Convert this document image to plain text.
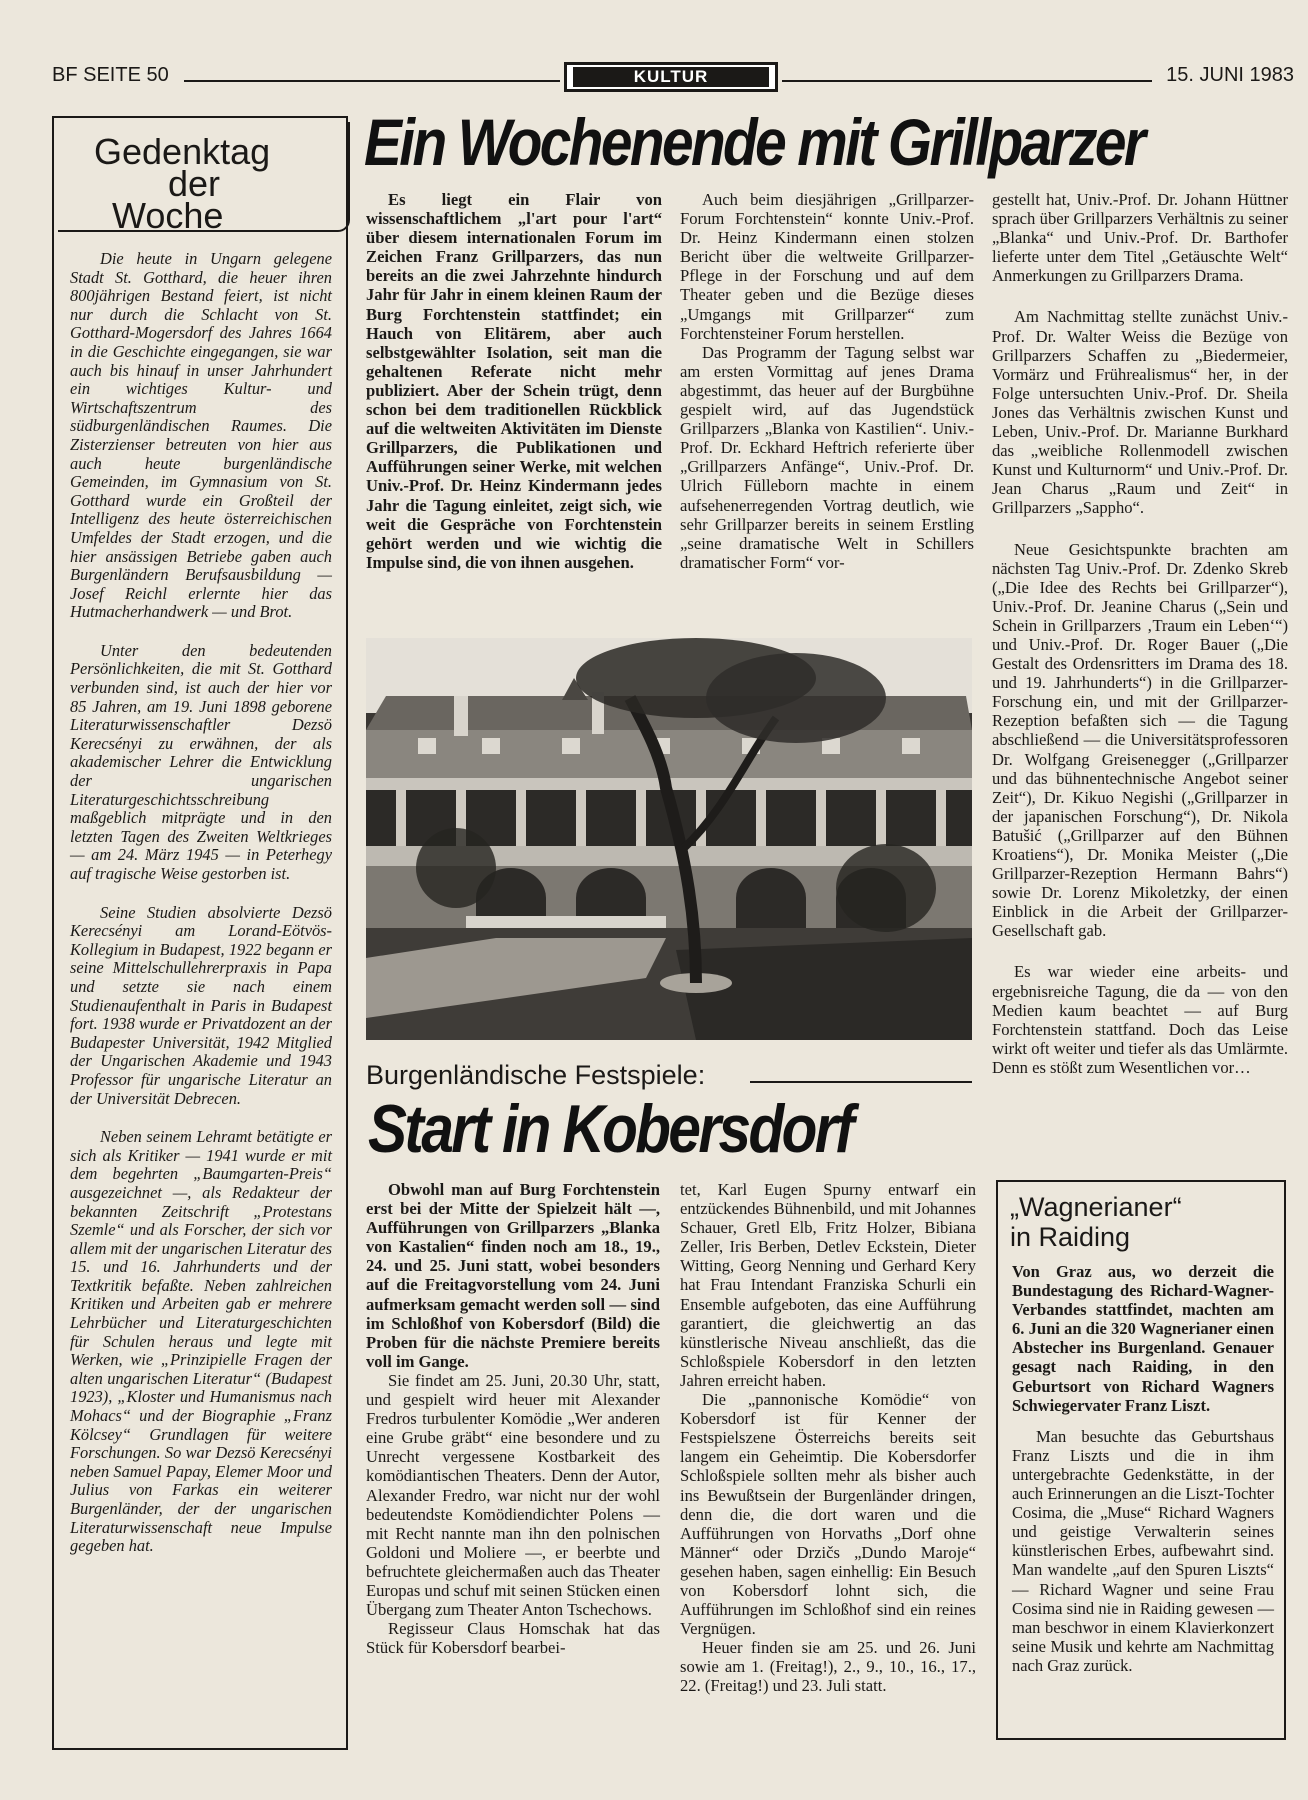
BF SEITE 50	KULTUR	15. JUNI 1983
Gedenktag
der
Woche

Die heute in Ungarn gelegene Stadt St. Gotthard, die heuer ihren 800jährigen Bestand feiert, ist nicht nur durch die Schlacht von St. Gotthard-Mogersdorf des Jahres 1664 in die Geschichte eingegangen, sie war auch bis hinauf in unser Jahrhundert ein wichtiges Kultur- und Wirtschaftszentrum des südburgenländischen Raumes. Die Zisterzienser betreuten von hier aus auch heute burgenländische Gemeinden, im Gymnasium von St. Gotthard wurde ein Großteil der Intelligenz des heute österreichischen Umfeldes der Stadt erzogen, und die hier ansässigen Betriebe gaben auch Burgenländern Berufsausbildung — Josef Reichl erlernte hier das Hutmacherhandwerk — und Brot.

Unter den bedeutenden Persönlichkeiten, die mit St. Gotthard verbunden sind, ist auch der hier vor 85 Jahren, am 19. Juni 1898 geborene Literaturwissenschaftler Dezsö Kerecsényi zu erwähnen, der als akademischer Lehrer die Entwicklung der ungarischen Literaturgeschichtsschreibung maßgeblich mitprägte und in den letzten Tagen des Zweiten Weltkrieges — am 24. März 1945 — in Peterhegy auf tragische Weise gestorben ist.

Seine Studien absolvierte Dezsö Kerecsényi am Lorand-Eötvös-Kollegium in Budapest, 1922 begann er seine Mittelschullehrerpraxis in Papa und setzte sie nach einem Studienaufenthalt in Paris in Budapest fort. 1938 wurde er Privatdozent an der Budapester Universität, 1942 Mitglied der Ungarischen Akademie und 1943 Professor für ungarische Literatur an der Universität Debrecen.

Neben seinem Lehramt betätigte er sich als Kritiker — 1941 wurde er mit dem begehrten „Baumgarten-Preis“ ausgezeichnet —, als Redakteur der bekannten Zeitschrift „Protestans Szemle“ und als Forscher, der sich vor allem mit der ungarischen Literatur des 15. und 16. Jahrhunderts und der Textkritik befaßte. Neben zahlreichen Kritiken und Arbeiten gab er mehrere Lehrbücher und Literaturgeschichten für Schulen heraus und legte mit Werken, wie „Prinzipielle Fragen der alten ungarischen Literatur“ (Budapest 1923), „Kloster und Humanismus nach Mohacs“ und der Biographie „Franz Kölcsey“ Grundlagen für weitere Forschungen. So war Dezsö Kerecsényi neben Samuel Papay, Elemer Moor und Julius von Farkas ein weiterer Burgenländer, der der ungarischen Literaturwissenschaft neue Impulse gegeben hat.

Ein Wochenende mit Grillparzer

Es liegt ein Flair von wissenschaftlichem „l'art pour l'art“ über diesem internationalen Forum im Zeichen Franz Grillparzers, das nun bereits an die zwei Jahrzehnte hindurch Jahr für Jahr in einem kleinen Raum der Burg Forchtenstein stattfindet; ein Hauch von Elitärem, aber auch selbstgewählter Isolation, seit man die gehaltenen Referate nicht mehr publiziert. Aber der Schein trügt, denn schon bei dem traditionellen Rückblick auf die weltweiten Aktivitäten im Dienste Grillparzers, die Publikationen und Aufführungen seiner Werke, mit welchen Univ.-Prof. Dr. Heinz Kindermann jedes Jahr die Tagung einleitet, zeigt sich, wie weit die Gespräche von Forchtenstein gehört werden und wie wichtig die Impulse sind, die von ihnen ausgehen.

Auch beim diesjährigen „Grillparzer-Forum Forchtenstein“ konnte Univ.-Prof. Dr. Heinz Kindermann einen stolzen Bericht über die weltweite Grillparzer-Pflege in der Forschung und auf dem Theater geben und die Bezüge dieses „Umgangs mit Grillparzer“ zum Forchtensteiner Forum herstellen.

Das Programm der Tagung selbst war am ersten Vormittag auf jenes Drama abgestimmt, das heuer auf der Burgbühne gespielt wird, auf das Jugendstück Grillparzers „Blanka von Kastilien“. Univ.-Prof. Dr. Eckhard Heftrich referierte über „Grillparzers Anfänge“, Univ.-Prof. Dr. Ulrich Fülleborn machte in einem aufsehenerregenden Vortrag deutlich, wie sehr Grillparzer bereits in seinem Erstling „seine dramatische Welt in Schillers dramatischer Form“ vor-

gestellt hat, Univ.-Prof. Dr. Johann Hüttner sprach über Grillparzers Verhältnis zu seiner „Blanka“ und Univ.-Prof. Dr. Barthofer lieferte unter dem Titel „Getäuschte Welt“ Anmerkungen zu Grillparzers Drama.

Am Nachmittag stellte zunächst Univ.-Prof. Dr. Walter Weiss die Bezüge von Grillparzers Schaffen zu „Biedermeier, Vormärz und Frührealismus“ her, in der Folge untersuchten Univ.-Prof. Dr. Sheila Jones das Verhältnis zwischen Kunst und Leben, Univ.-Prof. Dr. Marianne Burkhard das „weibliche Rollenmodell zwischen Kunst und Kulturnorm“ und Univ.-Prof. Dr. Jean Charus „Raum und Zeit“ in Grillparzers „Sappho“.

Neue Gesichtspunkte brachten am nächsten Tag Univ.-Prof. Dr. Zdenko Skreb („Die Idee des Rechts bei Grillparzer“), Univ.-Prof. Dr. Jeanine Charus („Sein und Schein in Grillparzers ‚Traum ein Leben‘“) und Univ.-Prof. Dr. Roger Bauer („Die Gestalt des Ordensritters im Drama des 18. und 19. Jahrhunderts“) in die Grillparzer-Forschung ein, und mit der Grillparzer-Rezeption befaßten sich — die Tagung abschließend — die Universitätsprofessoren Dr. Wolfgang Greisenegger („Grillparzer und das bühnentechnische Angebot seiner Zeit“), Dr. Kikuo Negishi („Grillparzer in der japanischen Forschung“), Dr. Nikola Batušić („Grillparzer auf den Bühnen Kroatiens“), Dr. Monika Meister („Die Grillparzer-Rezeption Hermann Bahrs“) sowie Dr. Lorenz Mikoletzky, der einen Einblick in die Arbeit der Grillparzer-Gesellschaft gab.

Es war wieder eine arbeits- und ergebnisreiche Tagung, die da — von den Medien kaum beachtet — auf Burg Forchtenstein stattfand. Doch das Leise wirkt oft weiter und tiefer als das Umlärmte. Denn es stößt zum Wesentlichen vor…

Burgenländische Festspiele:
Start in Kobersdorf

Obwohl man auf Burg Forchtenstein erst bei der Mitte der Spielzeit hält —, Aufführungen von Grillparzers „Blanka von Kastalien“ finden noch am 18., 19., 24. und 25. Juni statt, wobei besonders auf die Freitagvorstellung vom 24. Juni aufmerksam gemacht werden soll — sind im Schloßhof von Kobersdorf (Bild) die Proben für die nächste Premiere bereits voll im Gange.

Sie findet am 25. Juni, 20.30 Uhr, statt, und gespielt wird heuer mit Alexander Fredros turbulenter Komödie „Wer anderen eine Grube gräbt“ eine besondere und zu Unrecht vergessene Kostbarkeit des komödiantischen Theaters. Denn der Autor, Alexander Fredro, war nicht nur der wohl bedeutendste Komödiendichter Polens — mit Recht nannte man ihn den polnischen Goldoni und Moliere —, er beerbte und befruchtete gleichermaßen auch das Theater Europas und schuf mit seinen Stücken einen Übergang zum Theater Anton Tschechows.

Regisseur Claus Homschak hat das Stück für Kobersdorf bearbei-

tet, Karl Eugen Spurny entwarf ein entzückendes Bühnenbild, und mit Johannes Schauer, Gretl Elb, Fritz Holzer, Bibiana Zeller, Iris Berben, Detlev Eckstein, Dieter Witting, Georg Nenning und Gerhard Kery hat Frau Intendant Franziska Schurli ein Ensemble aufgeboten, das eine Aufführung garantiert, die gleichwertig an das künstlerische Niveau anschließt, das die Schloßspiele Kobersdorf in den letzten Jahren erreicht haben.

Die „pannonische Komödie“ von Kobersdorf ist für Kenner der Festspielszene Österreichs bereits seit langem ein Geheimtip. Die Kobersdorfer Schloßspiele sollten mehr als bisher auch ins Bewußtsein der Burgenländer dringen, denn die, die dort waren und die Aufführungen von Horvaths „Dorf ohne Männer“ oder Drzičs „Dundo Maroje“ gesehen haben, sagen einhellig: Ein Besuch von Kobersdorf lohnt sich, die Aufführungen im Schloßhof sind ein reines Vergnügen.

Heuer finden sie am 25. und 26. Juni sowie am 1. (Freitag!), 2., 9., 10., 16., 17., 22. (Freitag!) und 23. Juli statt.

„Wagnerianer“
in Raiding

Von Graz aus, wo derzeit die Bundestagung des Richard-Wagner-Verbandes stattfindet, machten am 6. Juni an die 320 Wagnerianer einen Abstecher ins Burgenland. Genauer gesagt nach Raiding, in den Geburtsort von Richard Wagners Schwiegervater Franz Liszt.

Man besuchte das Geburtshaus Franz Liszts und die in ihm untergebrachte Gedenkstätte, in der auch Erinnerungen an die Liszt-Tochter Cosima, die „Muse“ Richard Wagners und geistige Verwalterin seines künstlerischen Erbes, aufbewahrt sind. Man wandelte „auf den Spuren Liszts“ — Richard Wagner und seine Frau Cosima sind nie in Raiding gewesen — man beschwor in einem Klavierkonzert seine Musik und kehrte am Nachmittag nach Graz zurück.
